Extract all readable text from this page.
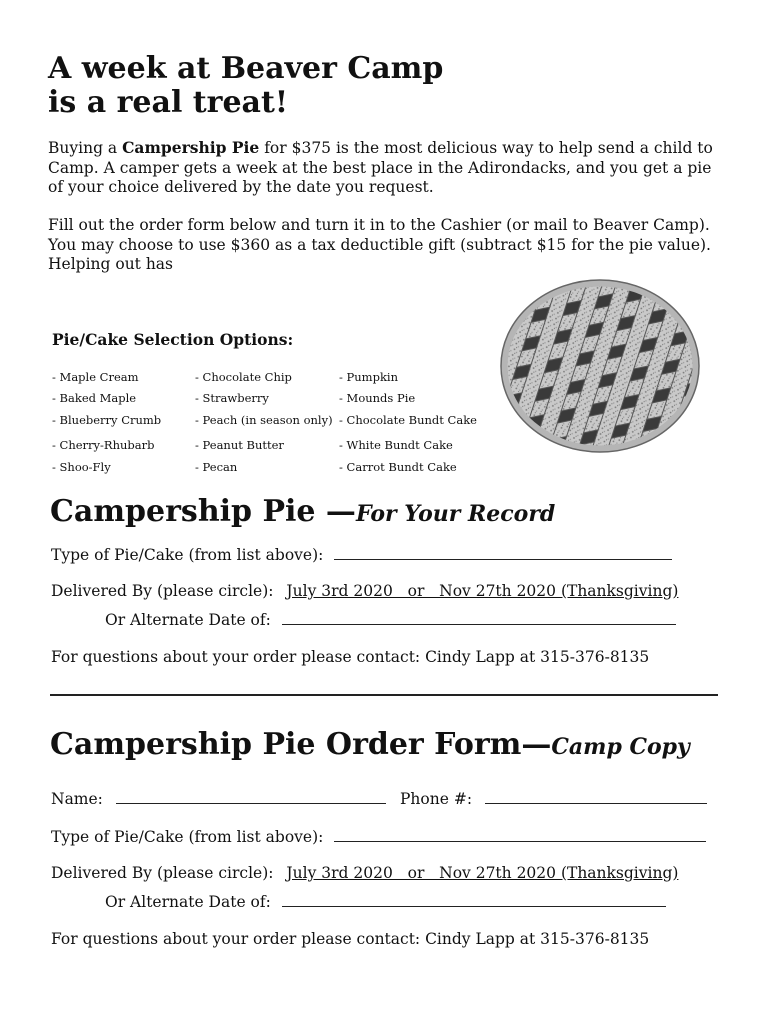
A week at Beaver Camp
is a real treat!

Buying a Campership Pie for $375 is the most delicious way to help send a child to Camp. A camper gets a week at the best place in the Adirondacks, and you get a pie of your choice delivered by the date you request.

Fill out the order form below and turn it in to the Cashier (or mail to Beaver Camp). You may choose to use $360 as a tax deductible gift (subtract $15 for the pie value). Helping out has

Pie/Cake Selection Options:
- Maple Cream
- Baked Maple
- Blueberry Crumb
- Cherry-Rhubarb
- Shoo-Fly
- Chocolate Chip
- Strawberry
- Peach (in season only)
- Peanut Butter
- Pecan
- Pumpkin
- Mounds Pie
- Chocolate Bundt Cake
- White Bundt Cake
- Carrot Bundt Cake
Campership Pie —For Your Record
Type of Pie/Cake (from list above):
Delivered By (please circle): July 3rd 2020   or   Nov 27th 2020 (Thanksgiving)
Or Alternate Date of:
For questions about your order please contact: Cindy Lapp at 315-376-8135
Campership Pie Order Form—Camp Copy
Name:	Phone #:
Type of Pie/Cake (from list above):
Delivered By (please circle): July 3rd 2020   or   Nov 27th 2020 (Thanksgiving)
Or Alternate Date of:
For questions about your order please contact: Cindy Lapp at 315-376-8135
